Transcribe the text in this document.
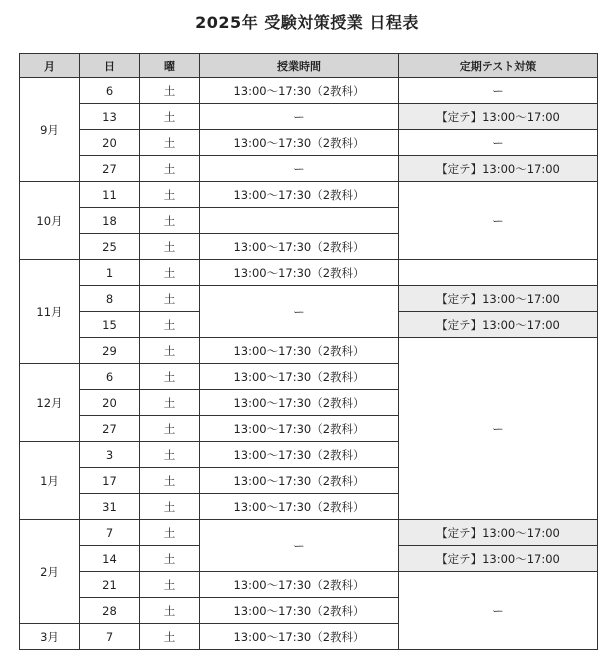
2025年 受験対策授業 日程表
月	日	曜	授業時間	定期テスト対策
9月	6	土	13:00〜17:30（2教科）	ー
	13	土	ー	【定テ】13:00〜17:00
	20	土	13:00〜17:30（2教科）	ー
	27	土	ー	【定テ】13:00〜17:00
10月	11	土	13:00〜17:30（2教科）	ー
	18	土		
	25	土	13:00〜17:30（2教科）	
11月	1	土	13:00〜17:30（2教科）	
	8	土	ー	【定テ】13:00〜17:00
	15	土		【定テ】13:00〜17:00
	29	土	13:00〜17:30（2教科）	ー
12月	6	土	13:00〜17:30（2教科）	
	20	土	13:00〜17:30（2教科）	
	27	土	13:00〜17:30（2教科）	
1月	3	土	13:00〜17:30（2教科）	
	17	土	13:00〜17:30（2教科）	
	31	土	13:00〜17:30（2教科）	
2月	7	土	ー	【定テ】13:00〜17:00
	14	土		【定テ】13:00〜17:00
	21	土	13:00〜17:30（2教科）	ー
	28	土	13:00〜17:30（2教科）	
3月	7	土	13:00〜17:30（2教科）	
